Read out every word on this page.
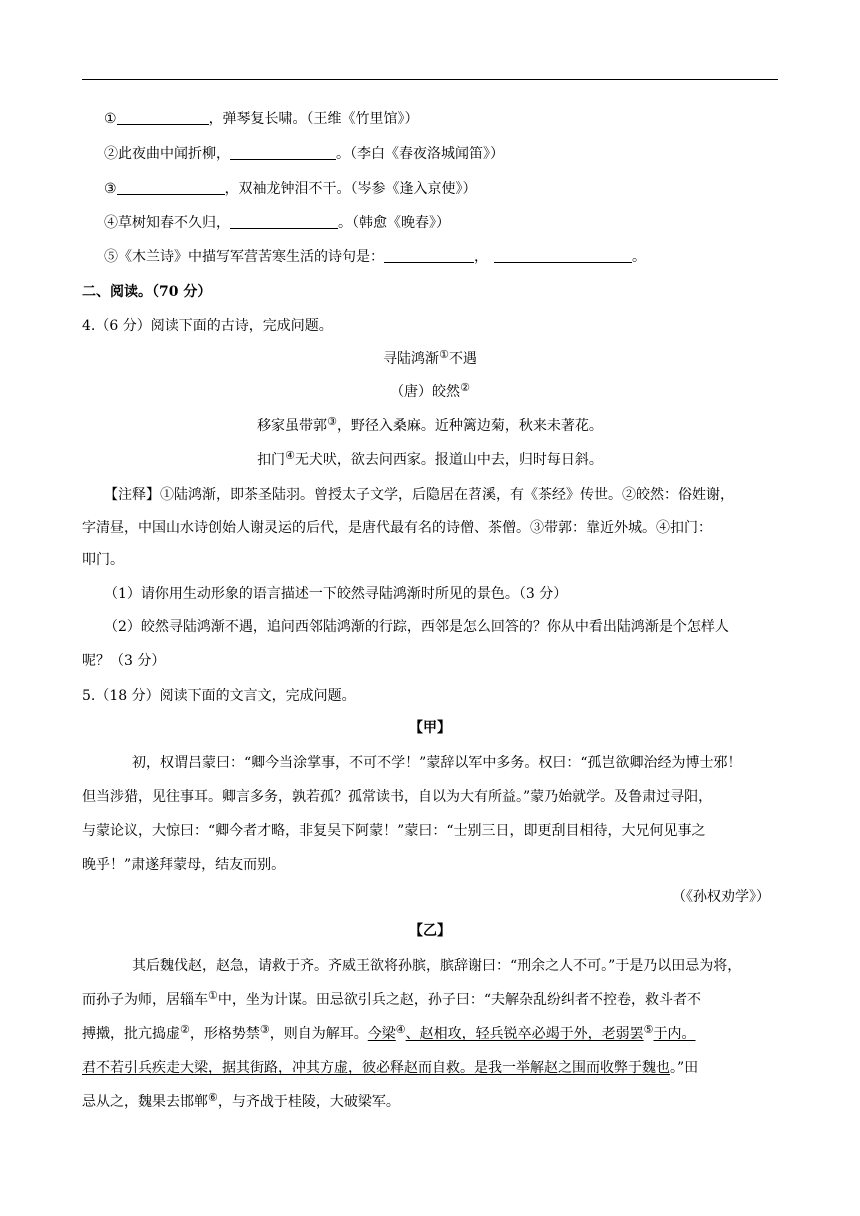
①	，弹琴复长啸。（王维《竹里馆》）
②此夜曲中闻折柳，	。（李白《春夜洛城闻笛》）
③	，双袖龙钟泪不干。（岑参《逢入京使》）
④草树知春不久归，	。（韩愈《晚春》）
⑤《木兰诗》中描写军营苦寒生活的诗句是：	，	。
二、阅读。（70 分）
4.（6 分）阅读下面的古诗，完成问题。
寻陆鸿渐①不遇
（唐）皎然②
移家虽带郭③，野径入桑麻。近种篱边菊，秋来未著花。
扣门④无犬吠，欲去问西家。报道山中去，归时每日斜。
【注释】①陆鸿渐，即茶圣陆羽。曾授太子文学，后隐居在苕溪，有《茶经》传世。②皎然：俗姓谢，
字清昼，中国山水诗创始人谢灵运的后代，是唐代最有名的诗僧、茶僧。③带郭：靠近外城。④扣门：
叩门。
（1）请你用生动形象的语言描述一下皎然寻陆鸿渐时所见的景色。（3 分）
（2）皎然寻陆鸿渐不遇，追问西邻陆鸿渐的行踪，西邻是怎么回答的？你从中看出陆鸿渐是个怎样人
呢？（3 分）
5.（18 分）阅读下面的文言文，完成问题。
【甲】
初，权谓吕蒙曰：“卿今当涂掌事，不可不学！”蒙辞以军中多务。权曰：“孤岂欲卿治经为博士邪！
但当涉猎，见往事耳。卿言多务，孰若孤？孤常读书，自以为大有所益。”蒙乃始就学。及鲁肃过寻阳，
与蒙论议，大惊曰：“卿今者才略，非复吴下阿蒙！”蒙曰：“士别三日，即更刮目相待，大兄何见事之
晚乎！”肃遂拜蒙母，结友而别。
（《孙权劝学》）
【乙】
其后魏伐赵，赵急，请救于齐。齐威王欲将孙膑，膑辞谢曰：“刑余之人不可。”于是乃以田忌为将，
而孙子为师，居辎车①中，坐为计谋。田忌欲引兵之赵，孙子曰：“夫解杂乱纷纠者不控卷，救斗者不
搏撠，批亢捣虚②，形格势禁③，则自为解耳。今梁④、赵相攻，轻兵锐卒必竭于外，老弱罢⑤于内。
君不若引兵疾走大梁，据其街路，冲其方虚，彼必释赵而自救。是我一举解赵之围而收弊于魏也。”田
忌从之，魏果去邯郸⑥，与齐战于桂陵，大破梁军。
